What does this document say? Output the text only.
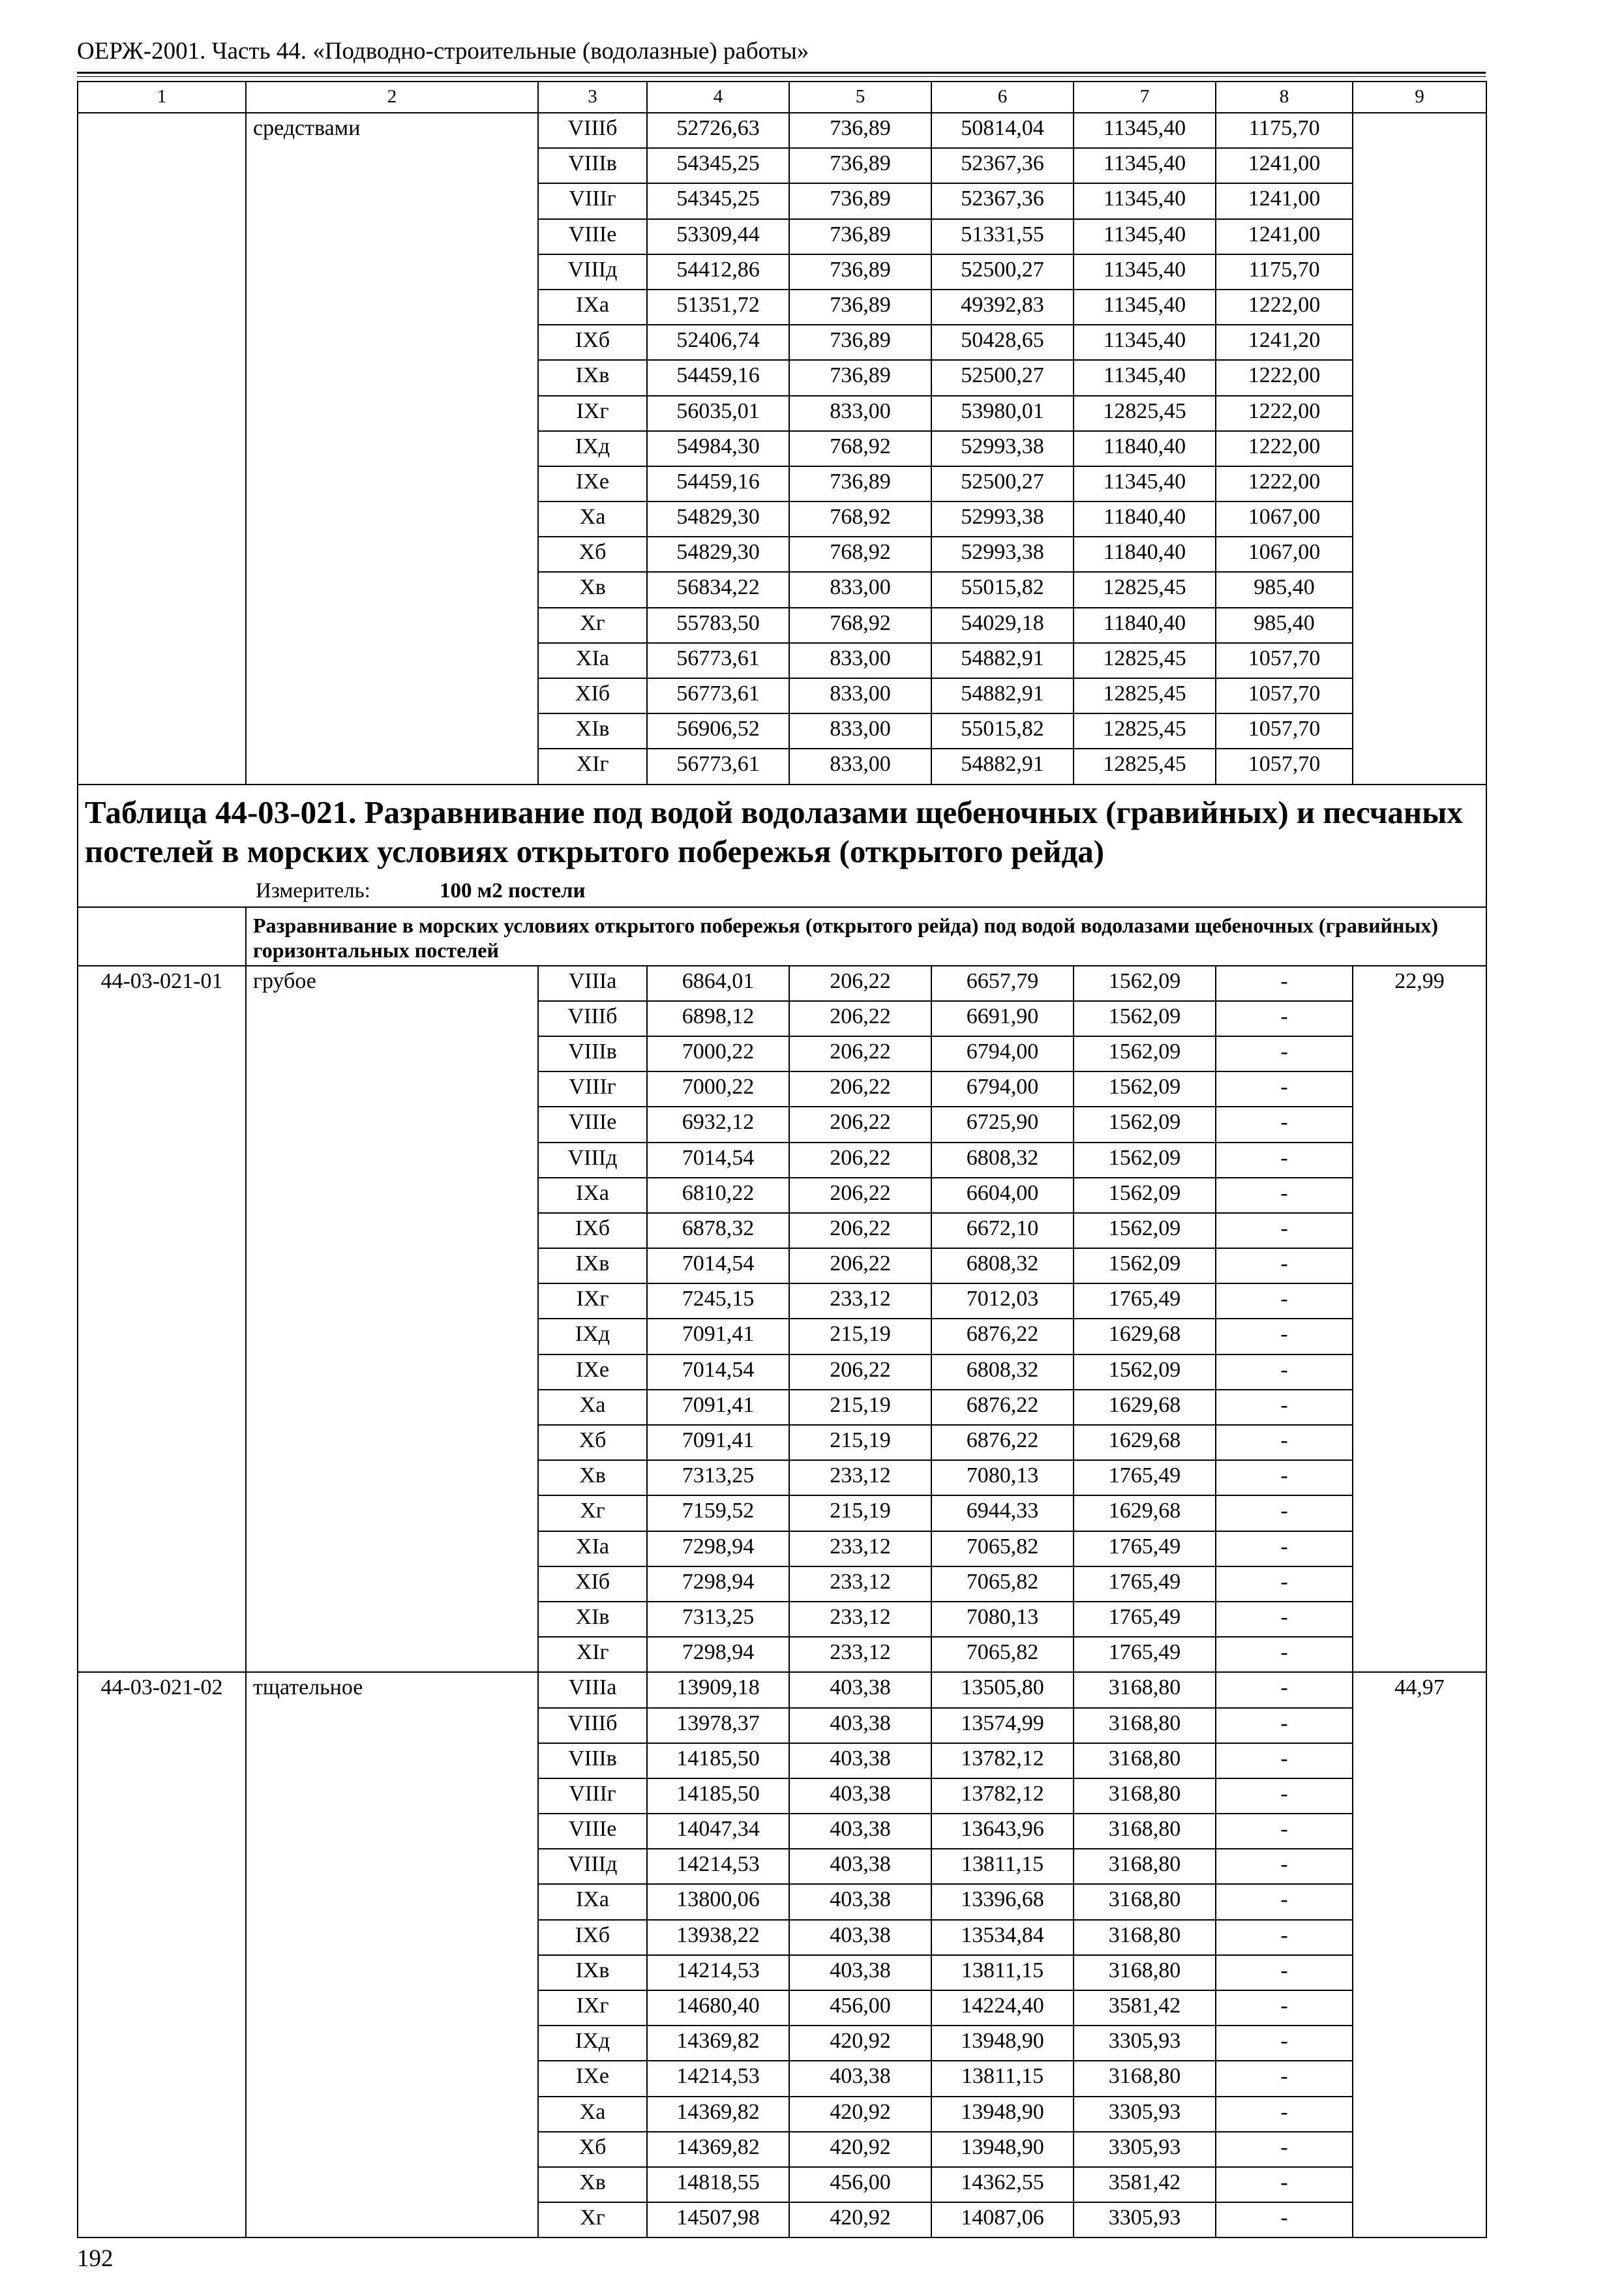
ОЕРЖ-2001. Часть 44. «Подводно-строительные (водолазные) работы»
1	2	3	4	5	6	7	8	9
	средствами	VIIIб	52726,63	736,89	50814,04	11345,40	1175,70	
		VIIIв	54345,25	736,89	52367,36	11345,40	1241,00	
		VIIIг	54345,25	736,89	52367,36	11345,40	1241,00	
		VIIIе	53309,44	736,89	51331,55	11345,40	1241,00	
		VIIIд	54412,86	736,89	52500,27	11345,40	1175,70	
		IXа	51351,72	736,89	49392,83	11345,40	1222,00	
		IXб	52406,74	736,89	50428,65	11345,40	1241,20	
		IXв	54459,16	736,89	52500,27	11345,40	1222,00	
		IXг	56035,01	833,00	53980,01	12825,45	1222,00	
		IXд	54984,30	768,92	52993,38	11840,40	1222,00	
		IXе	54459,16	736,89	52500,27	11345,40	1222,00	
		Xа	54829,30	768,92	52993,38	11840,40	1067,00	
		Xб	54829,30	768,92	52993,38	11840,40	1067,00	
		Xв	56834,22	833,00	55015,82	12825,45	985,40	
		Xг	55783,50	768,92	54029,18	11840,40	985,40	
		XIа	56773,61	833,00	54882,91	12825,45	1057,70	
		XIб	56773,61	833,00	54882,91	12825,45	1057,70	
		XIв	56906,52	833,00	55015,82	12825,45	1057,70	
		XIг	56773,61	833,00	54882,91	12825,45	1057,70	

Таблица 44-03-021. Разравнивание под водой водолазами щебеночных (гравийных) и песчаных постелей в морских условиях открытого побережья (открытого рейда)
Измеритель: 100 м2 постели								

	Разравнивание в морских условиях открытого побережья (открытого рейда) под водой водолазами щебеночных (гравийных) горизонтальных постелей							
44-03-021-01	грубое	VIIIа	6864,01	206,22	6657,79	1562,09	-	22,99
		VIIIб	6898,12	206,22	6691,90	1562,09	-	
		VIIIв	7000,22	206,22	6794,00	1562,09	-	
		VIIIг	7000,22	206,22	6794,00	1562,09	-	
		VIIIе	6932,12	206,22	6725,90	1562,09	-	
		VIIIд	7014,54	206,22	6808,32	1562,09	-	
		IXа	6810,22	206,22	6604,00	1562,09	-	
		IXб	6878,32	206,22	6672,10	1562,09	-	
		IXв	7014,54	206,22	6808,32	1562,09	-	
		IXг	7245,15	233,12	7012,03	1765,49	-	
		IXд	7091,41	215,19	6876,22	1629,68	-	
		IXе	7014,54	206,22	6808,32	1562,09	-	
		Xа	7091,41	215,19	6876,22	1629,68	-	
		Xб	7091,41	215,19	6876,22	1629,68	-	
		Xв	7313,25	233,12	7080,13	1765,49	-	
		Xг	7159,52	215,19	6944,33	1629,68	-	
		XIа	7298,94	233,12	7065,82	1765,49	-	
		XIб	7298,94	233,12	7065,82	1765,49	-	
		XIв	7313,25	233,12	7080,13	1765,49	-	
		XIг	7298,94	233,12	7065,82	1765,49	-	
44-03-021-02	тщательное	VIIIа	13909,18	403,38	13505,80	3168,80	-	44,97
		VIIIб	13978,37	403,38	13574,99	3168,80	-	
		VIIIв	14185,50	403,38	13782,12	3168,80	-	
		VIIIг	14185,50	403,38	13782,12	3168,80	-	
		VIIIе	14047,34	403,38	13643,96	3168,80	-	
		VIIIд	14214,53	403,38	13811,15	3168,80	-	
		IXа	13800,06	403,38	13396,68	3168,80	-	
		IXб	13938,22	403,38	13534,84	3168,80	-	
		IXв	14214,53	403,38	13811,15	3168,80	-	
		IXг	14680,40	456,00	14224,40	3581,42	-	
		IXд	14369,82	420,92	13948,90	3305,93	-	
		IXе	14214,53	403,38	13811,15	3168,80	-	
		Xа	14369,82	420,92	13948,90	3305,93	-	
		Xб	14369,82	420,92	13948,90	3305,93	-	
		Xв	14818,55	456,00	14362,55	3581,42	-	
		Xг	14507,98	420,92	14087,06	3305,93	-	
192
